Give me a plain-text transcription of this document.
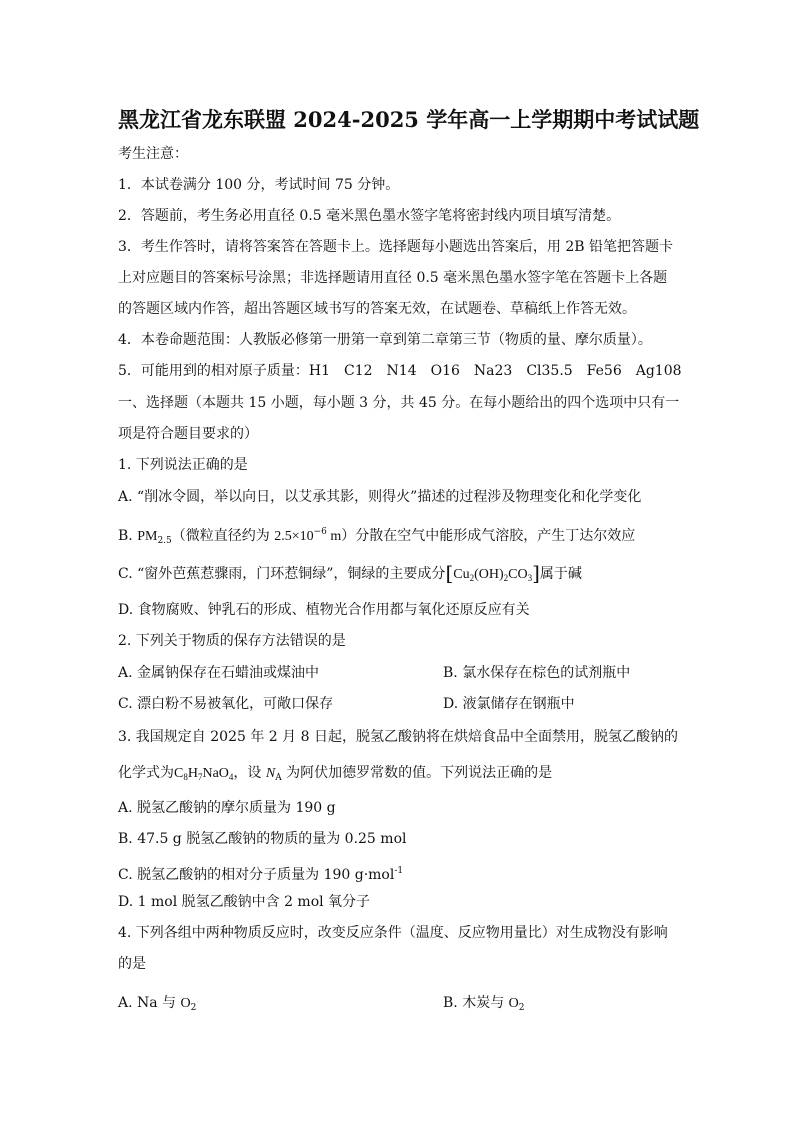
黑龙江省龙东联盟 2024-2025 学年高一上学期期中考试试题
考生注意：
1．本试卷满分 100 分，考试时间 75 分钟。
2．答题前，考生务必用直径 0.5 毫米黑色墨水签字笔将密封线内项目填写清楚。
3．考生作答时，请将答案答在答题卡上。选择题每小题选出答案后，用 2B 铅笔把答题卡
上对应题目的答案标号涂黑；非选择题请用直径 0.5 毫米黑色墨水签字笔在答题卡上各题
的答题区域内作答，超出答题区域书写的答案无效，在试题卷、草稿纸上作答无效。
4．本卷命题范围：人教版必修第一册第一章到第二章第三节（物质的量、摩尔质量）。
5．可能用到的相对原子质量：H1　C12　N14　O16　Na23　Cl35.5　Fe56　Ag108
一、选择题（本题共 15 小题，每小题 3 分，共 45 分。在每小题给出的四个选项中只有一
项是符合题目要求的）
1. 下列说法正确的是
A. “削冰令圆，举以向日，以艾承其影，则得火”描述的过程涉及物理变化和化学变化
B. $PM_{2.5}$（微粒直径约为 $2.5\times 10^{-6}$ m）分散在空气中能形成气溶胶，产生丁达尔效应
C. “窗外芭蕉惹骤雨，门环惹铜绿”，铜绿的主要成分$[Cu_2(OH)_2CO_3]$属于碱
D. 食物腐败、钟乳石的形成、植物光合作用都与氧化还原反应有关
2. 下列关于物质的保存方法错误的是
A. 金属钠保存在石蜡油或煤油中	B. 氯水保存在棕色的试剂瓶中
C. 漂白粉不易被氧化，可敞口保存	D. 液氯储存在钢瓶中
3. 我国规定自 2025 年 2 月 8 日起，脱氢乙酸钠将在烘焙食品中全面禁用，脱氢乙酸钠的
化学式为$C_8H_7NaO_4$，设 $N_A$ 为阿伏加德罗常数的值。下列说法正确的是
A. 脱氢乙酸钠的摩尔质量为 190 g
B. 47.5 g 脱氢乙酸钠的物质的量为 0.25 mol
C. 脱氢乙酸钠的相对分子质量为 190 g·mol$^{-1}$
D. 1 mol 脱氢乙酸钠中含 2 mol 氧分子
4. 下列各组中两种物质反应时，改变反应条件（温度、反应物用量比）对生成物没有影响
的是
A. Na 与 $O_2$	B. 木炭与 $O_2$
